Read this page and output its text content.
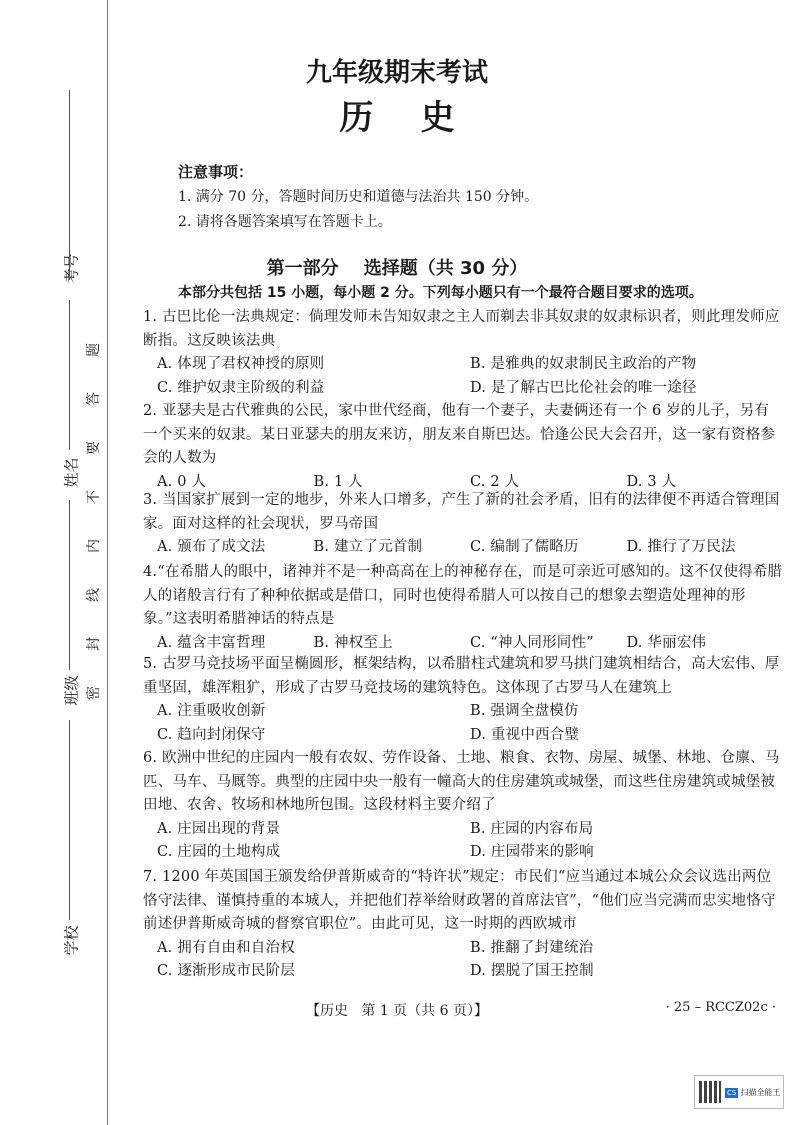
考号
姓名
班级
学校
题
答
要
不
内
线
封
密
九年级期末考试
历    史
注意事项：
1. 满分 70 分，答题时间历史和道德与法治共 150 分钟。
2. 请将各题答案填写在答题卡上。
第一部分    选择题（共 30 分）
本部分共包括 15 小题，每小题 2 分。下列每小题只有一个最符合题目要求的选项。

1. 古巴比伦一法典规定：倘理发师未告知奴隶之主人而剃去非其奴隶的奴隶标识者，则此理发师应断指。这反映该法典

A. 体现了君权神授的原则	B. 是雅典的奴隶制民主政治的产物
C. 维护奴隶主阶级的利益	D. 是了解古巴比伦社会的唯一途径

2. 亚瑟夫是古代雅典的公民，家中世代经商，他有一个妻子，夫妻俩还有一个 6 岁的儿子，另有一个买来的奴隶。某日亚瑟夫的朋友来访，朋友来自斯巴达。恰逢公民大会召开，这一家有资格参会的人数为

A. 0 人	B. 1 人	C. 2 人	D. 3 人

3. 当国家扩展到一定的地步，外来人口增多，产生了新的社会矛盾，旧有的法律便不再适合管理国家。面对这样的社会现状，罗马帝国

A. 颁布了成文法	B. 建立了元首制	C. 编制了儒略历	D. 推行了万民法

4.“在希腊人的眼中，诸神并不是一种高高在上的神秘存在，而是可亲近可感知的。这不仅使得希腊人的诸般言行有了种种依据或是借口，同时也使得希腊人可以按自己的想象去塑造处理神的形象。”这表明希腊神话的特点是

A. 蕴含丰富哲理	B. 神权至上	C. “神人同形同性”	D. 华丽宏伟

5. 古罗马竞技场平面呈椭圆形，框架结构，以希腊柱式建筑和罗马拱门建筑相结合，高大宏伟、厚重坚固，雄浑粗犷，形成了古罗马竞技场的建筑特色。这体现了古罗马人在建筑上

A. 注重吸收创新	B. 强调全盘模仿
C. 趋向封闭保守	D. 重视中西合璧

6. 欧洲中世纪的庄园内一般有农奴、劳作设备、土地、粮食、衣物、房屋、城堡、林地、仓廪、马匹、马车、马厩等。典型的庄园中央一般有一幢高大的住房建筑或城堡，而这些住房建筑或城堡被田地、农舍、牧场和林地所包围。这段材料主要介绍了

A. 庄园出现的背景	B. 庄园的内容布局
C. 庄园的土地构成	D. 庄园带来的影响

7. 1200 年英国国王颁发给伊普斯威奇的“特许状”规定：市民们“应当通过本城公众会议选出两位恪守法律、谨慎持重的本城人，并把他们荐举给财政署的首席法官”，“他们应当完满而忠实地恪守前述伊普斯威奇城的督察官职位”。由此可见，这一时期的西欧城市

A. 拥有自由和自治权	B. 推翻了封建统治
C. 逐渐形成市民阶层	D. 摆脱了国王控制
【历史   第 1 页（共 6 页）】	· 25 – RCCZ02c ·
CS 扫描全能王
